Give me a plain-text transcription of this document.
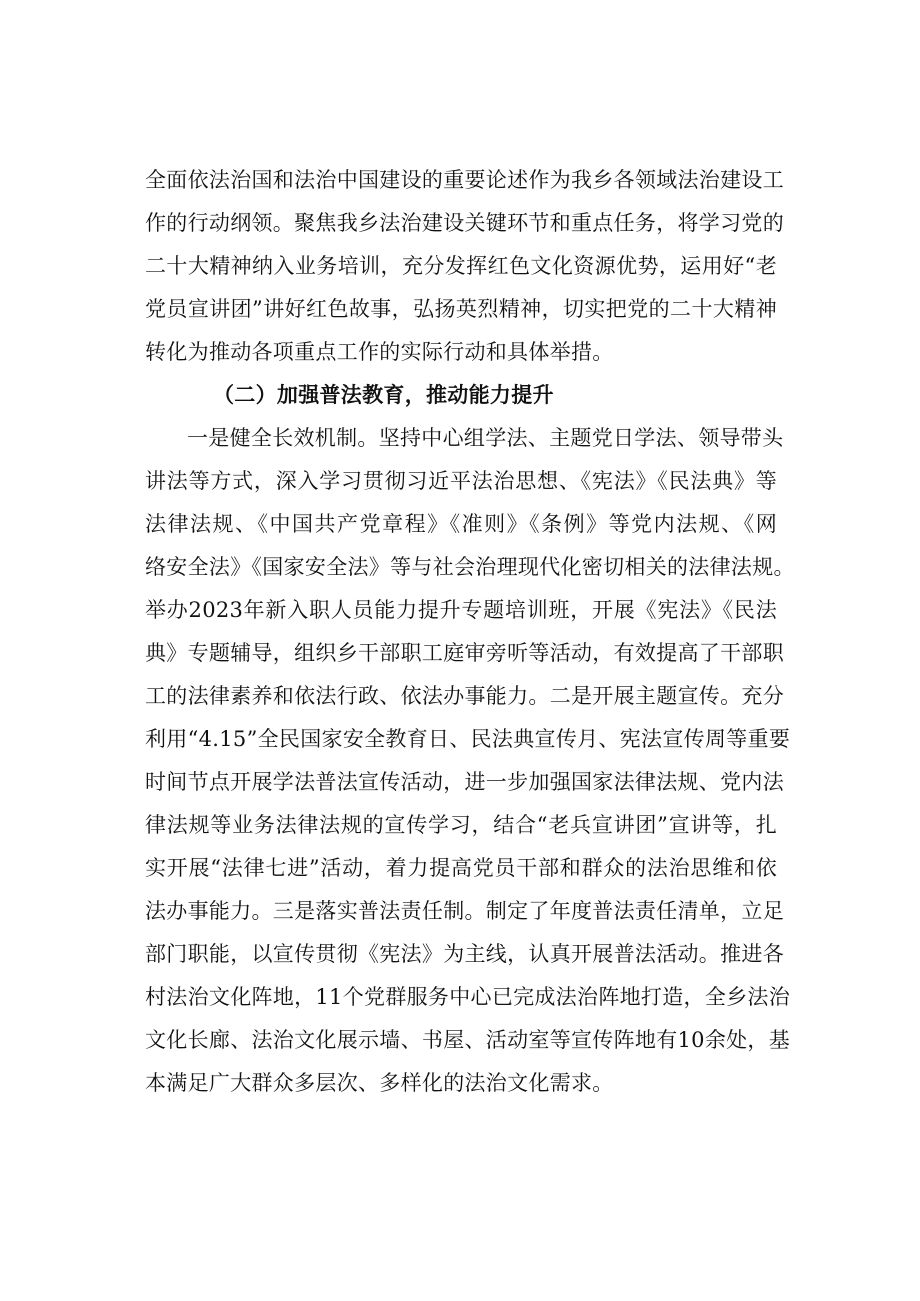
全面依法治国和法治中国建设的重要论述作为我乡各领域法治建设工
作的行动纲领。聚焦我乡法治建设关键环节和重点任务，将学习党的
二十大精神纳入业务培训，充分发挥红色文化资源优势，运用好“老
党员宣讲团”讲好红色故事，弘扬英烈精神，切实把党的二十大精神
转化为推动各项重点工作的实际行动和具体举措。
（二）加强普法教育，推动能力提升
一是健全长效机制。坚持中心组学法、主题党日学法、领导带头
讲法等方式，深入学习贯彻习近平法治思想、《宪法》《民法典》等
法律法规、《中国共产党章程》《准则》《条例》等党内法规、《网
络安全法》《国家安全法》等与社会治理现代化密切相关的法律法规。
举办2023年新入职人员能力提升专题培训班，开展《宪法》《民法
典》专题辅导，组织乡干部职工庭审旁听等活动，有效提高了干部职
工的法律素养和依法行政、依法办事能力。二是开展主题宣传。充分
利用“4.15”全民国家安全教育日、民法典宣传月、宪法宣传周等重要
时间节点开展学法普法宣传活动，进一步加强国家法律法规、党内法
律法规等业务法律法规的宣传学习，结合“老兵宣讲团”宣讲等，扎
实开展“法律七进”活动，着力提高党员干部和群众的法治思维和依
法办事能力。三是落实普法责任制。制定了年度普法责任清单，立足
部门职能，以宣传贯彻《宪法》为主线，认真开展普法活动。推进各
村法治文化阵地，11个党群服务中心已完成法治阵地打造，全乡法治
文化长廊、法治文化展示墙、书屋、活动室等宣传阵地有10余处，基
本满足广大群众多层次、多样化的法治文化需求。
